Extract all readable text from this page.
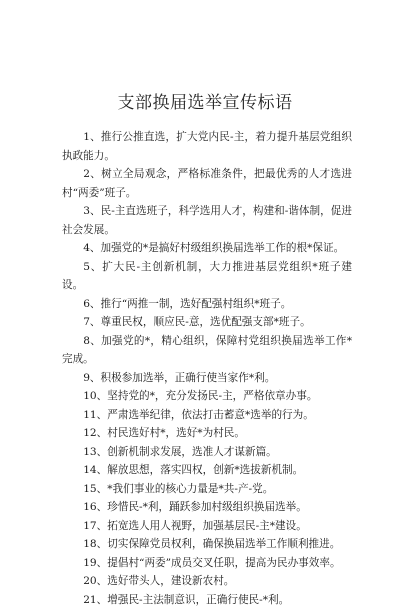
支部换届选举宣传标语

1、推行公推直选，扩大党内民-主，着力提升基层党组织执政能力。

2、树立全局观念，严格标准条件，把最优秀的人才选进村“两委”班子。

3、民-主直选班子，科学选用人才，构建和-谐体制，促进社会发展。

4、加强党的*是搞好村级组织换届选举工作的根*保证。

5、扩大民-主创新机制，大力推进基层党组织*班子建设。

6、推行“两推一制，选好配强村组织*班子。

7、尊重民权，顺应民-意，选优配强支部*班子。

8、加强党的*，精心组织，保障村党组织换届选举工作*完成。

9、积极参加选举，正确行使当家作*利。

10、坚持党的*，充分发扬民-主，严格依章办事。

11、严肃选举纪律，依法打击蓄意*选举的行为。

12、村民选好村*，选好*为村民。

13、创新机制求发展，选准人才谋新篇。

14、解放思想，落实四权，创新*选拔新机制。

15、*我们事业的核心力量是*共-产-党。

16、珍惜民-*利，踊跃参加村级组织换届选举。

17、拓宽选人用人视野，加强基层民-主*建设。

18、切实保障党员权利，确保换届选举工作顺利推进。

19、提倡村“两委”成员交叉任职，提高为民办事效率。

20、选好带头人，建设新农村。

21、增强民-主法制意识，正确行使民-*利。
